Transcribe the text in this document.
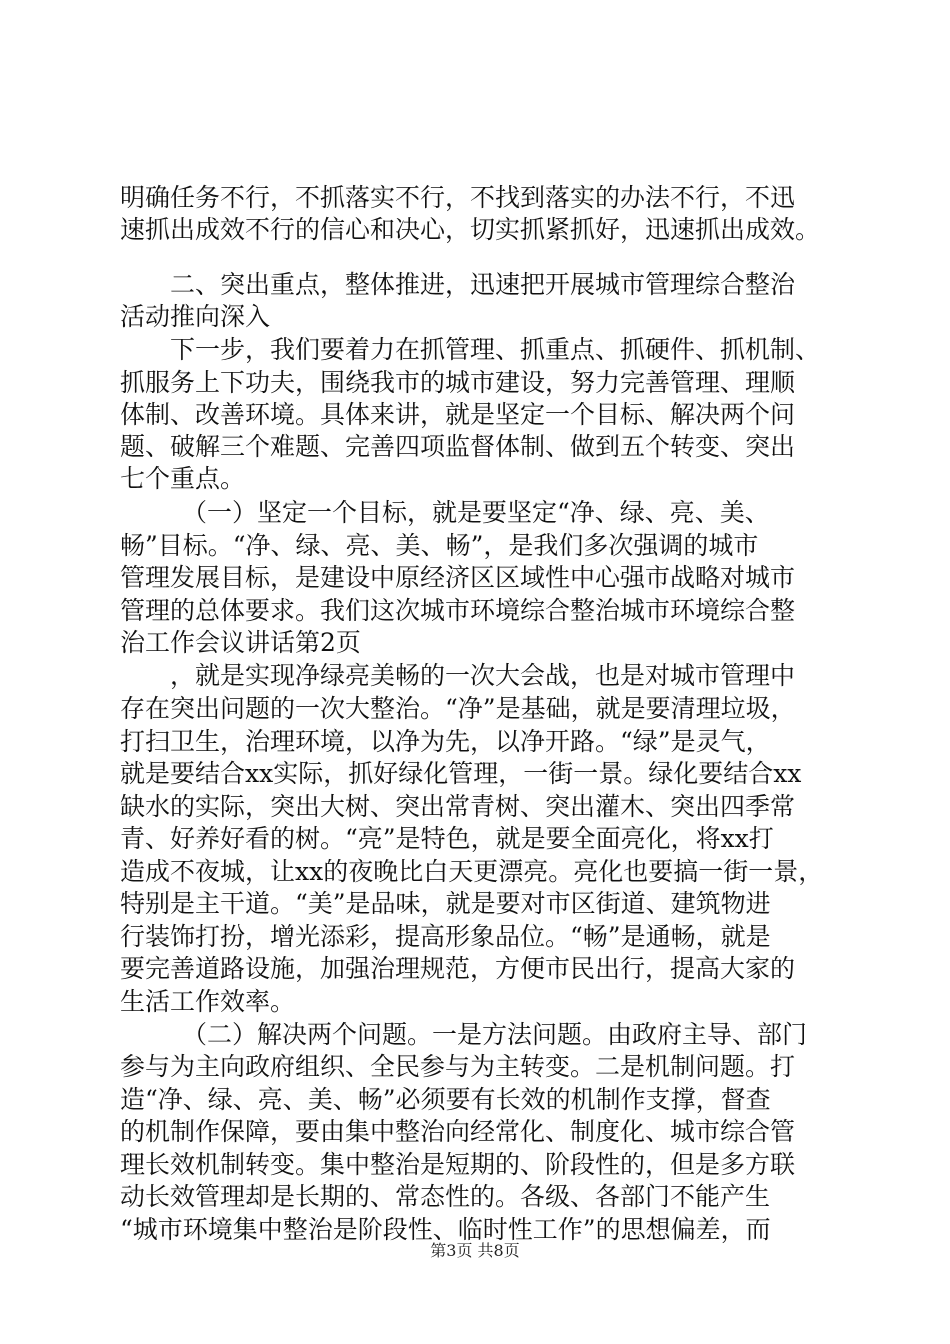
明确任务不行，不抓落实不行，不找到落实的办法不行，不迅
速抓出成效不行的信心和决心，切实抓紧抓好，迅速抓出成效。
二、突出重点，整体推进，迅速把开展城市管理综合整治
活动推向深入
下一步，我们要着力在抓管理、抓重点、抓硬件、抓机制、
抓服务上下功夫，围绕我市的城市建设，努力完善管理、理顺
体制、改善环境。具体来讲，就是坚定一个目标、解决两个问
题、破解三个难题、完善四项监督体制、做到五个转变、突出
七个重点。
（一）坚定一个目标，就是要坚定“净、绿、亮、美、
畅”目标。“净、绿、亮、美、畅”，是我们多次强调的城市
管理发展目标，是建设中原经济区区域性中心强市战略对城市
管理的总体要求。我们这次城市环境综合整治城市环境综合整
治工作会议讲话第2页
，就是实现净绿亮美畅的一次大会战，也是对城市管理中
存在突出问题的一次大整治。“净”是基础，就是要清理垃圾，
打扫卫生，治理环境，以净为先，以净开路。“绿”是灵气，
就是要结合xx实际，抓好绿化管理，一街一景。绿化要结合xx
缺水的实际，突出大树、突出常青树、突出灌木、突出四季常
青、好养好看的树。“亮”是特色，就是要全面亮化，将xx打
造成不夜城，让xx的夜晚比白天更漂亮。亮化也要搞一街一景，
特别是主干道。“美”是品味，就是要对市区街道、建筑物进
行装饰打扮，增光添彩，提高形象品位。“畅”是通畅，就是
要完善道路设施，加强治理规范，方便市民出行，提高大家的
生活工作效率。
（二）解决两个问题。一是方法问题。由政府主导、部门
参与为主向政府组织、全民参与为主转变。二是机制问题。打
造“净、绿、亮、美、畅”必须要有长效的机制作支撑，督查
的机制作保障，要由集中整治向经常化、制度化、城市综合管
理长效机制转变。集中整治是短期的、阶段性的，但是多方联
动长效管理却是长期的、常态性的。各级、各部门不能产生
“城市环境集中整治是阶段性、临时性工作”的思想偏差，而
第3页 共8页
